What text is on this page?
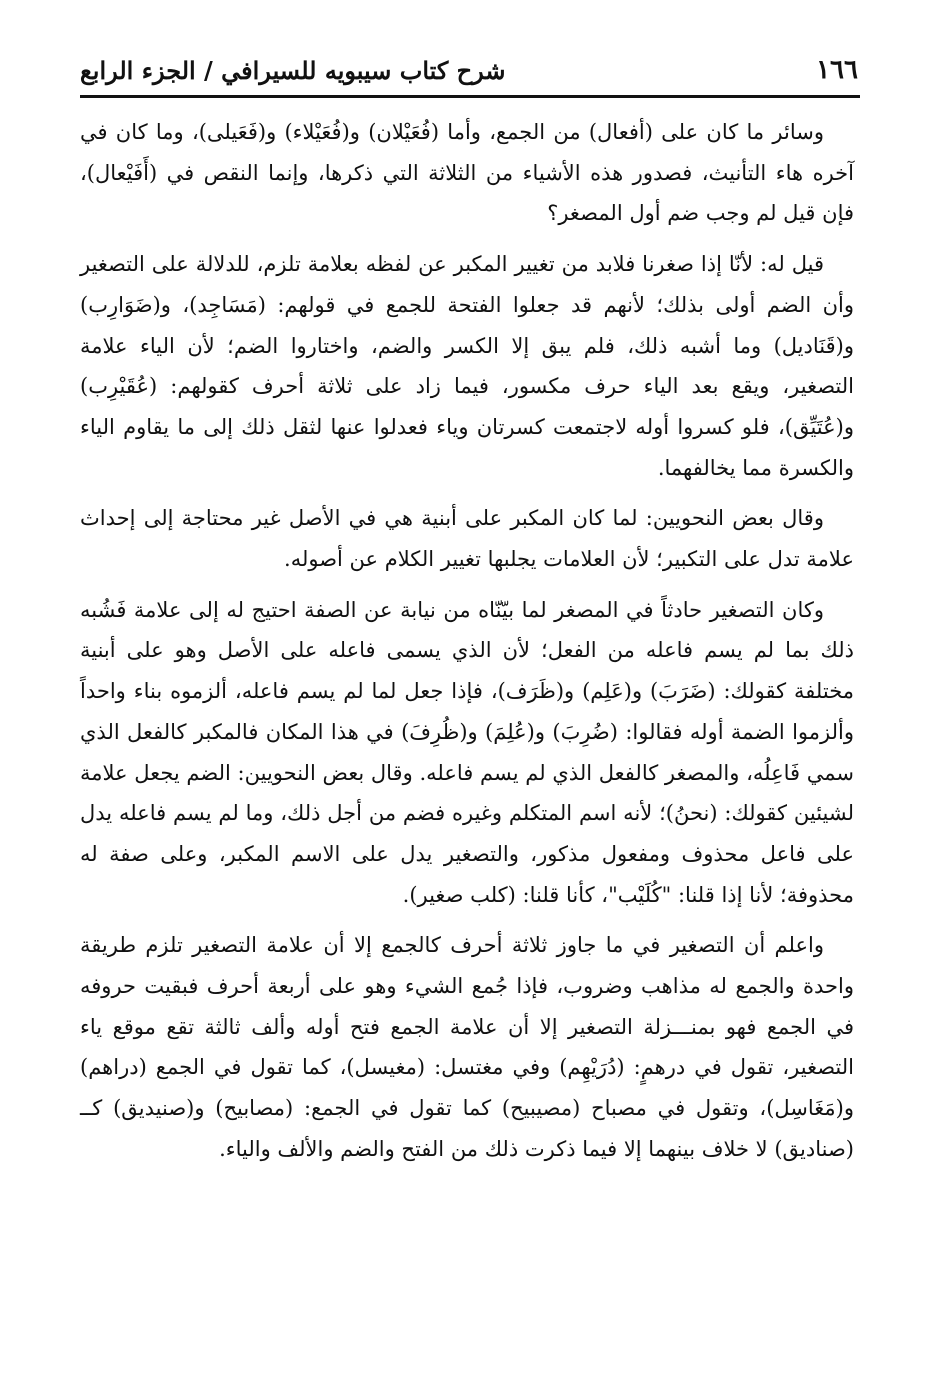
١٦٦
شرح كتاب سيبويه للسيرافي / الجزء الرابع

وسائر ما كان على (أفعال) من الجمع، وأما (فُعَيْلان) و(فُعَيْلاء) و(فَعَيلى)، وما كان في آخره هاء التأنيث، فصدور هذه الأشياء من الثلاثة التي ذكرها، وإنما النقص في (أَفَيْعال)، فإن قيل لم وجب ضم أول المصغر؟

قيل له: لأنّا إذا صغرنا فلابد من تغيير المكبر عن لفظه بعلامة تلزم، للدلالة على التصغير وأن الضم أولى بذلك؛ لأنهم قد جعلوا الفتحة للجمع في قولهم: (مَسَاجِد)، و(ضَوَارِب) و(قَنَاديل) وما أشبه ذلك، فلم يبق إلا الكسر والضم، واختاروا الضم؛ لأن الياء علامة التصغير، ويقع بعد الياء حرف مكسور، فيما زاد على ثلاثة أحرف كقولهم: (عُقَيْرِب) و(عُتَيِّق)، فلو كسروا أوله لاجتمعت كسرتان وياء فعدلوا عنها لثقل ذلك إلى ما يقاوم الياء والكسرة مما يخالفهما.

وقال بعض النحويين: لما كان المكبر على أبنية هي في الأصل غير محتاجة إلى إحداث علامة تدل على التكبير؛ لأن العلامات يجلبها تغيير الكلام عن أصوله.

وكان التصغير حادثاً في المصغر لما بيّنّاه من نيابة عن الصفة احتيج له إلى علامة فَشُبه ذلك بما لم يسم فاعله من الفعل؛ لأن الذي يسمى فاعله على الأصل وهو على أبنية مختلفة كقولك: (ضَرَبَ) و(عَلِم) و(ظَرَف)، فإذا جعل لما لم يسم فاعله، ألزموه بناء واحداً وألزموا الضمة أوله فقالوا: (ضُرِبَ) و(عُلِمَ) و(ظُرِفَ) في هذا المكان فالمكبر كالفعل الذي سمي فَاعِلُه، والمصغر كالفعل الذي لم يسم فاعله. وقال بعض النحويين: الضم يجعل علامة لشيئين كقولك: (نحنُ)؛ لأنه اسم المتكلم وغيره فضم من أجل ذلك، وما لم يسم فاعله يدل على فاعل محذوف ومفعول مذكور، والتصغير يدل على الاسم المكبر، وعلى صفة له محذوفة؛ لأنا إذا قلنا: "كُلَيْب"، كأنا قلنا: (كلب صغير).

واعلم أن التصغير في ما جاوز ثلاثة أحرف كالجمع إلا أن علامة التصغير تلزم طريقة واحدة والجمع له مذاهب وضروب، فإذا جُمع الشيء وهو على أربعة أحرف فبقيت حروفه في الجمع فهو بمنـــزلة التصغير إلا أن علامة الجمع فتح أوله وألف ثالثة تقع موقع ياء التصغير، تقول في درهمٍ: (دُرَيْهِم) وفي مغتسل: (مغيسل)، كما تقول في الجمع (دراهم) و(مَغَاسِل)، وتقول في مصباح (مصيبيح) كما تقول في الجمع: (مصابيح) و(صنيديق) كــ (صناديق) لا خلاف بينهما إلا فيما ذكرت ذلك من الفتح والضم والألف والياء.
